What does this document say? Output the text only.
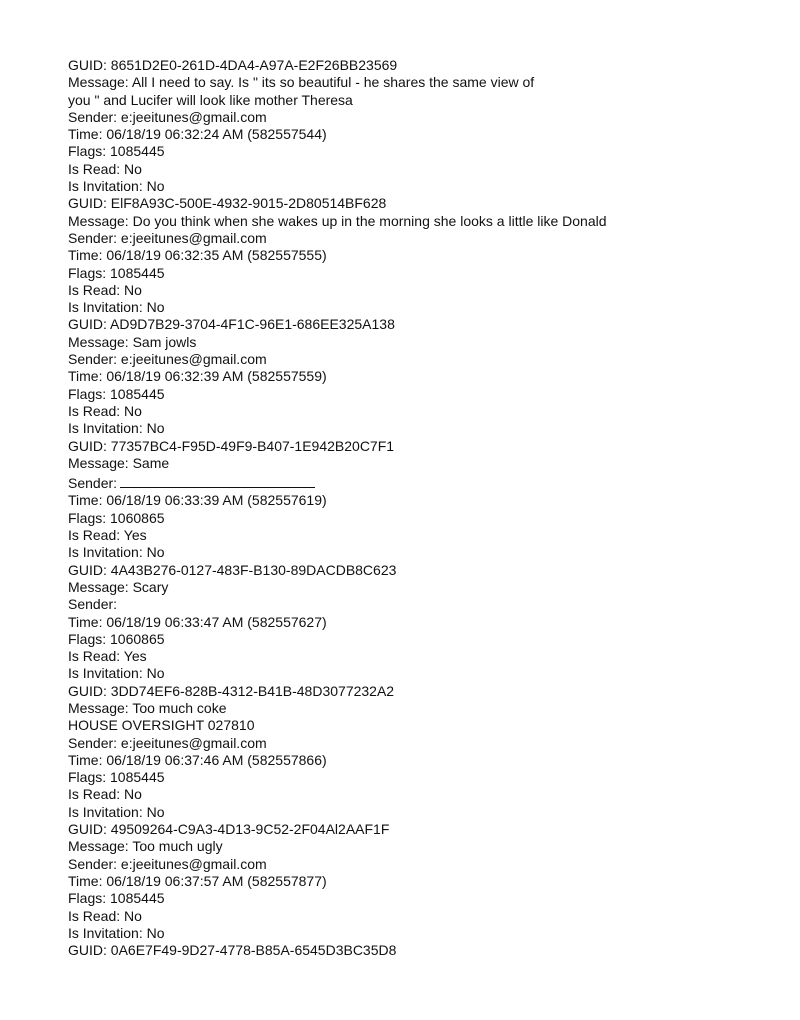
GUID: 8651D2E0-261D-4DA4-A97A-E2F26BB23569
Message: All I need to say. Is " its so beautiful - he shares the same view of
you " and Lucifer will look like mother Theresa
Sender: e:jeeitunes@gmail.com
Time: 06/18/19 06:32:24 AM (582557544)
Flags: 1085445
Is Read: No
Is Invitation: No
GUID: ElF8A93C-500E-4932-9015-2D80514BF628
Message: Do you think when she wakes up in the morning she looks a little like Donald
Sender: e:jeeitunes@gmail.com
Time: 06/18/19 06:32:35 AM (582557555)
Flags: 1085445
Is Read: No
Is Invitation: No
GUID: AD9D7B29-3704-4F1C-96E1-686EE325A138
Message: Sam jowls
Sender: e:jeeitunes@gmail.com
Time: 06/18/19 06:32:39 AM (582557559)
Flags: 1085445
Is Read: No
Is Invitation: No
GUID: 77357BC4-F95D-49F9-B407-1E942B20C7F1
Message: Same
Sender:
Time: 06/18/19 06:33:39 AM (582557619)
Flags: 1060865
Is Read: Yes
Is Invitation: No
GUID: 4A43B276-0127-483F-B130-89DACDB8C623
Message: Scary
Sender:
Time: 06/18/19 06:33:47 AM (582557627)
Flags: 1060865
Is Read: Yes
Is Invitation: No
GUID: 3DD74EF6-828B-4312-B41B-48D3077232A2
Message: Too much coke
HOUSE OVERSIGHT 027810
Sender: e:jeeitunes@gmail.com
Time: 06/18/19 06:37:46 AM (582557866)
Flags: 1085445
Is Read: No
Is Invitation: No
GUID: 49509264-C9A3-4D13-9C52-2F04Al2AAF1F
Message: Too much ugly
Sender: e:jeeitunes@gmail.com
Time: 06/18/19 06:37:57 AM (582557877)
Flags: 1085445
Is Read: No
Is Invitation: No
GUID: 0A6E7F49-9D27-4778-B85A-6545D3BC35D8
